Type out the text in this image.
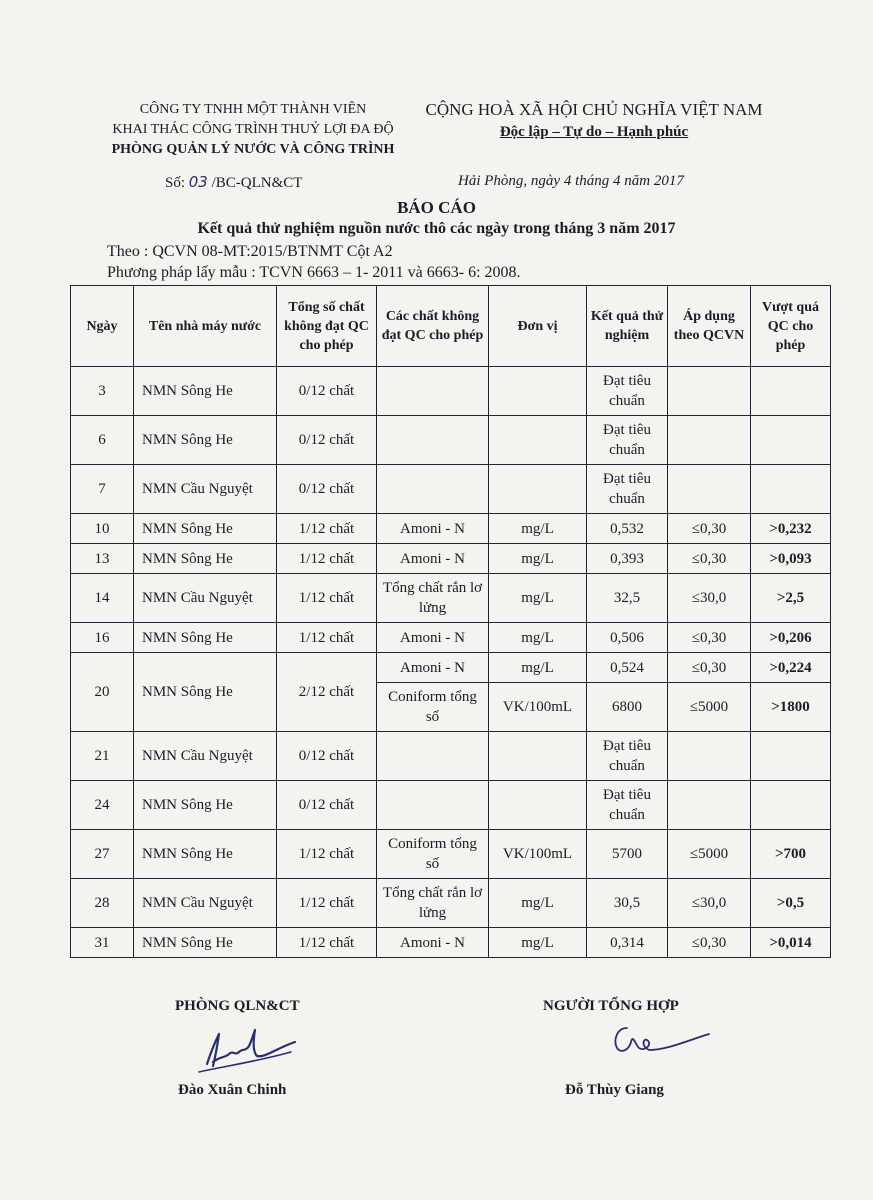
CÔNG TY TNHH MỘT THÀNH VIÊN
KHAI THÁC CÔNG TRÌNH THUỶ LỢI ĐA ĐỘ
PHÒNG QUẢN LÝ NƯỚC VÀ CÔNG TRÌNH
CỘNG HOÀ XÃ HỘI CHỦ NGHĨA VIỆT NAM
Độc lập – Tự do – Hạnh phúc
Số: 03 /BC-QLN&CT	Hải Phòng, ngày 4 tháng 4 năm 2017
BÁO CÁO
Kết quả thử nghiệm nguồn nước thô các ngày trong tháng 3 năm 2017
Theo : QCVN 08-MT:2015/BTNMT Cột A2
Phương pháp lấy mẫu : TCVN 6663 – 1- 2011 và 6663- 6: 2008.
Ngày	Tên nhà máy nước	Tổng số chất không đạt QC cho phép	Các chất không đạt QC cho phép	Đơn vị	Kết quả thử nghiệm	Áp dụng theo QCVN	Vượt quá QC cho phép
3	NMN Sông He	0/12 chất			Đạt tiêu chuẩn		
6	NMN Sông He	0/12 chất			Đạt tiêu chuẩn		
7	NMN Cầu Nguyệt	0/12 chất			Đạt tiêu chuẩn		
10	NMN Sông He	1/12 chất	Amoni - N	mg/L	0,532	≤0,30	>0,232
13	NMN Sông He	1/12 chất	Amoni - N	mg/L	0,393	≤0,30	>0,093
14	NMN Cầu Nguyệt	1/12 chất	Tổng chất rắn lơ lửng	mg/L	32,5	≤30,0	>2,5
16	NMN Sông He	1/12 chất	Amoni - N	mg/L	0,506	≤0,30	>0,206
20	NMN Sông He	2/12 chất	Amoni - N	mg/L	0,524	≤0,30	>0,224
			Coniform tổng số	VK/100mL	6800	≤5000	>1800
21	NMN Cầu Nguyệt	0/12 chất			Đạt tiêu chuẩn		
24	NMN Sông He	0/12 chất			Đạt tiêu chuẩn		
27	NMN Sông He	1/12 chất	Coniform tổng số	VK/100mL	5700	≤5000	>700
28	NMN Cầu Nguyệt	1/12 chất	Tổng chất rắn lơ lửng	mg/L	30,5	≤30,0	>0,5
31	NMN Sông He	1/12 chất	Amoni - N	mg/L	0,314	≤0,30	>0,014
PHÒNG QLN&CT	NGƯỜI TỔNG HỢP
Đào Xuân Chinh	Đỗ Thùy Giang
